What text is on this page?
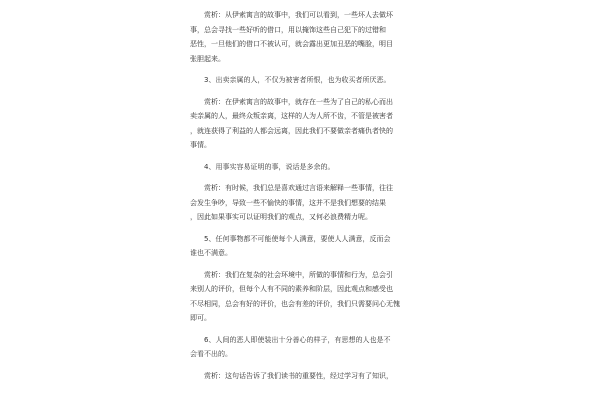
赏析：从伊索寓言的故事中，我们可以看到，一些坏人去做坏
事，总会寻找一些好听的借口，用以掩饰这些自己犯下的过错和
恶性，一旦他们的借口不被认可，就会露出更加丑恶的嘴脸，明目
张胆起来。
3、出卖亲属的人，不仅为被害者所恨，也为收买者所厌恶。
赏析：在伊索寓言的故事中，就存在一些为了自己的私心而出
卖亲属的人，最终众叛亲离，这样的人为人所不齿，不管是被害者
，就连获得了利益的人都会远离，因此我们不要做亲者痛仇者快的
事情。
4、用事实容易证明的事，说话是多余的。
赏析：有时候，我们总是喜欢通过言语来解释一些事情，往往
会发生争吵，导致一些不愉快的事情，这并不是我们想要的结果
，因此如果事实可以证明我们的观点，又何必浪费精力呢。
5、任何事物都不可能使每个人满意，要使人人满意，反而会
谁也不满意。
赏析：我们在复杂的社会环境中，所做的事情和行为，总会引
来别人的评价，但每个人有不同的素养和阶层，因此观点和感受也
不尽相同，总会有好的评价，也会有差的评价，我们只需要问心无愧
即可。
6、人间的恶人即使装出十分善心的样子，有思想的人也是不
会看不出的。
赏析：这句话告诉了我们读书的重要性，经过学习有了知识，
